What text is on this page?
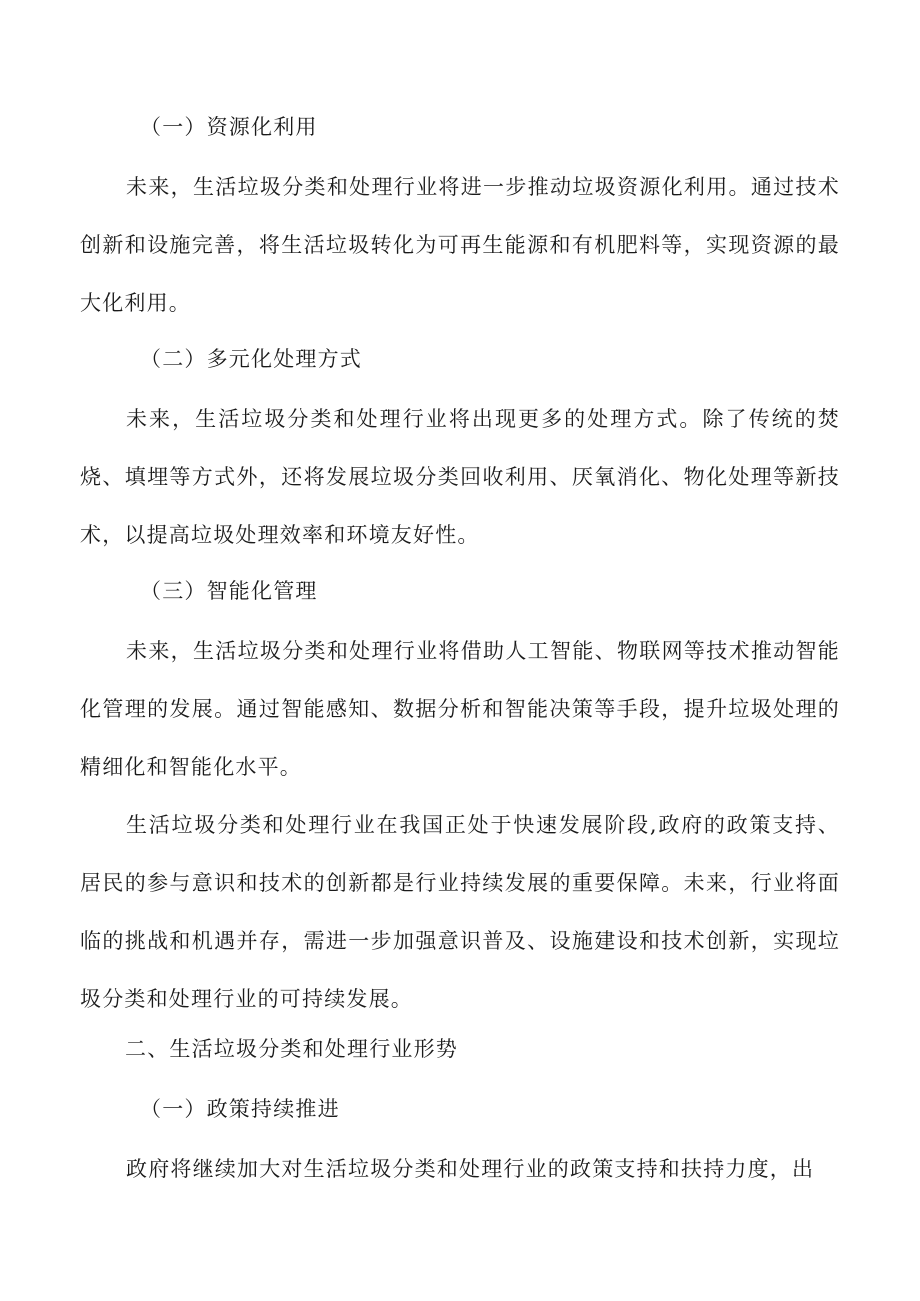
（一）资源化利用

未来，生活垃圾分类和处理行业将进一步推动垃圾资源化利用。通过技术创新和设施完善，将生活垃圾转化为可再生能源和有机肥料等，实现资源的最大化利用。

（二）多元化处理方式

未来，生活垃圾分类和处理行业将出现更多的处理方式。除了传统的焚烧、填埋等方式外，还将发展垃圾分类回收利用、厌氧消化、物化处理等新技术，以提高垃圾处理效率和环境友好性。

（三）智能化管理

未来，生活垃圾分类和处理行业将借助人工智能、物联网等技术推动智能化管理的发展。通过智能感知、数据分析和智能决策等手段，提升垃圾处理的精细化和智能化水平。

生活垃圾分类和处理行业在我国正处于快速发展阶段,政府的政策支持、居民的参与意识和技术的创新都是行业持续发展的重要保障。未来，行业将面临的挑战和机遇并存，需进一步加强意识普及、设施建设和技术创新，实现垃圾分类和处理行业的可持续发展。

二、生活垃圾分类和处理行业形势

（一）政策持续推进

政府将继续加大对生活垃圾分类和处理行业的政策支持和扶持力度，出
